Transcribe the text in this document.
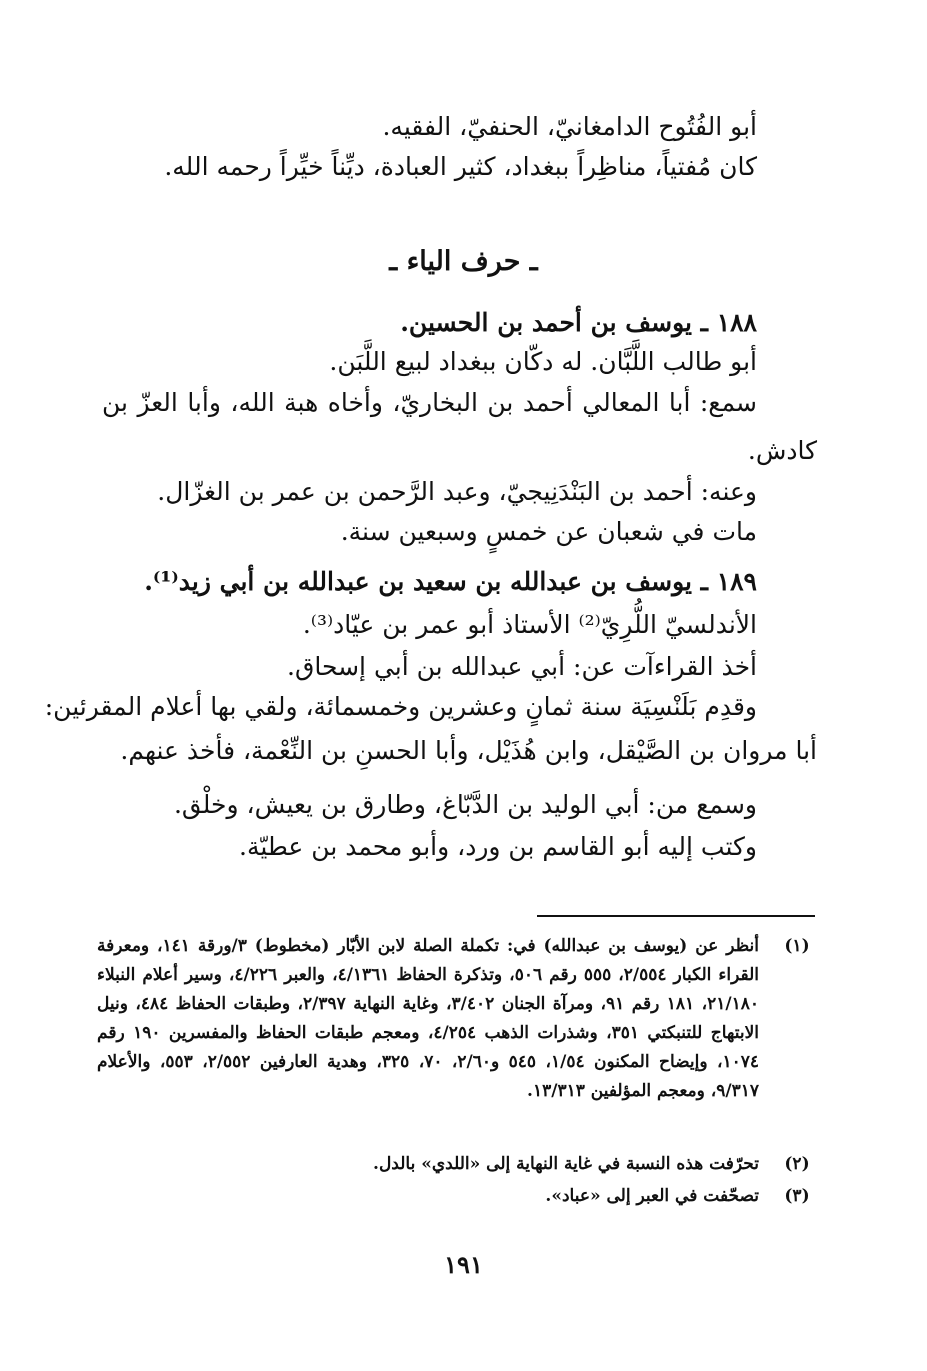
أبو الفُتُوح الدامغانيّ، الحنفيّ، الفقيه.
كان مُفتياً، مناظِراً ببغداد، كثير العبادة، ديِّناً خيِّراً رحمه الله.
ـ حرف الياء ـ
١٨٨ ـ يوسف بن أحمد بن الحسين.
أبو طالب اللَّبَّان. له دكّان ببغداد لبيع اللَّبَن.
سمع: أبا المعالي أحمد بن البخاريّ، وأخاه هبة الله، وأبا العزّ بن
كادش.
وعنه: أحمد بن البَنْدَنِيجيّ، وعبد الرَّحمن بن عمر بن الغزّال.
مات في شعبان عن خمسٍ وسبعين سنة.
١٨٩ ـ يوسف بن عبدالله بن سعيد بن عبدالله بن أبي زيد⁽¹⁾.
الأندلسيّ اللُّرِيّ⁽²⁾ الأستاذ أبو عمر بن عيّاد⁽³⁾.
أخذ القراءآت عن: أبي عبدالله بن أبي إسحاق.
وقدِم بَلَنْسِيَة سنة ثمانٍ وعشرين وخمسمائة، ولقي بها أعلام المقرئين:
أبا مروان بن الصَّيْقل، وابن هُذَيْل، وأبا الحسنِ بن النِّعْمة، فأخذ عنهم.
وسمع من: أبي الوليد بن الدَّبّاغ، وطارق بن يعيش، وخلْق.
وكتب إليه أبو القاسم بن ورد، وأبو محمد بن عطيّة.
(١)
أنظر عن (يوسف بن عبدالله) في: تكملة الصلة لابن الأبّار (مخطوط) ٣/ورقة ١٤١، ومعرفة القراء الكبار ٢/٥٥٤، ٥٥٥ رقم ٥٠٦، وتذكرة الحفاظ ٤/١٣٦١، والعبر ٤/٢٢٦، وسير أعلام النبلاء ٢١/١٨٠، ١٨١ رقم ٩١، ومرآة الجنان ٣/٤٠٢، وغاية النهاية ٢/٣٩٧، وطبقات الحفاظ ٤٨٤، ونيل الابتهاج للتنبكتي ٣٥١، وشذرات الذهب ٤/٢٥٤، ومعجم طبقات الحفاظ والمفسرين ١٩٠ رقم ١٠٧٤، وإيضاح المكنون ١/٥٤، ٥٤٥ و٢/٦٠، ٧٠، ٣٢٥، وهدية العارفين ٢/٥٥٢، ٥٥٣، والأعلام ٩/٣١٧، ومعجم المؤلفين ١٣/٣١٣.
(٢)
تحرّفت هذه النسبة في غاية النهاية إلى «اللدي» بالدل.
(٣)
تصحّفت في العبر إلى «عباد».
١٩١
